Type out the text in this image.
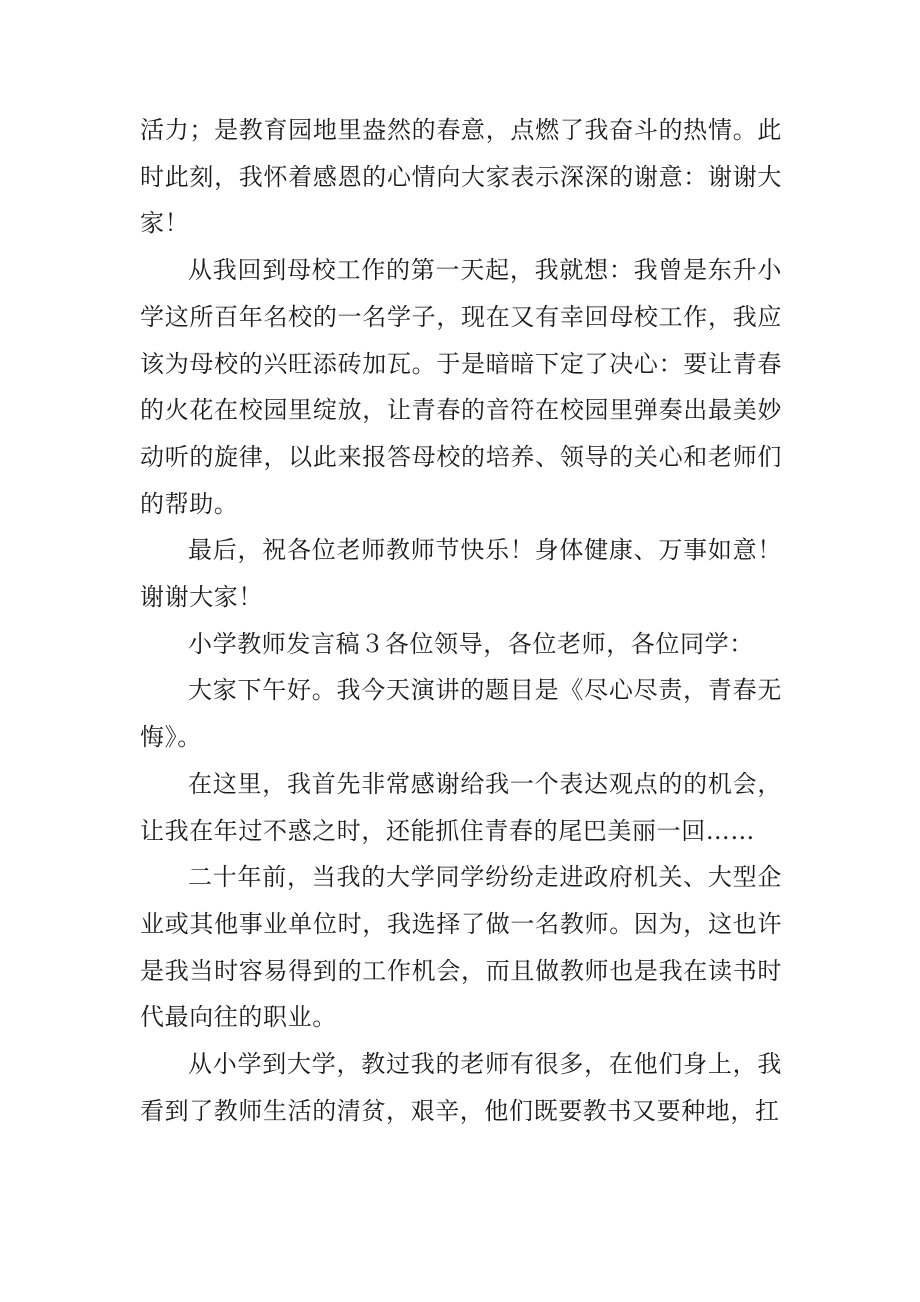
活力；是教育园地里盎然的春意，点燃了我奋斗的热情。此时此刻，我怀着感恩的心情向大家表示深深的谢意：谢谢大家！

从我回到母校工作的第一天起，我就想：我曾是东升小学这所百年名校的一名学子，现在又有幸回母校工作，我应该为母校的兴旺添砖加瓦。于是暗暗下定了决心：要让青春的火花在校园里绽放，让青春的音符在校园里弹奏出最美妙动听的旋律，以此来报答母校的培养、领导的关心和老师们的帮助。

最后，祝各位老师教师节快乐！身体健康、万事如意！谢谢大家！

小学教师发言稿３各位领导，各位老师，各位同学：

大家下午好。我今天演讲的题目是《尽心尽责，青春无悔》。

在这里，我首先非常感谢给我一个表达观点的的机会，让我在年过不惑之时，还能抓住青春的尾巴美丽一回……

二十年前，当我的大学同学纷纷走进政府机关、大型企业或其他事业单位时，我选择了做一名教师。因为，这也许是我当时容易得到的工作机会，而且做教师也是我在读书时代最向往的职业。

从小学到大学，教过我的老师有很多，在他们身上，我看到了教师生活的清贫，艰辛，他们既要教书又要种地，扛
